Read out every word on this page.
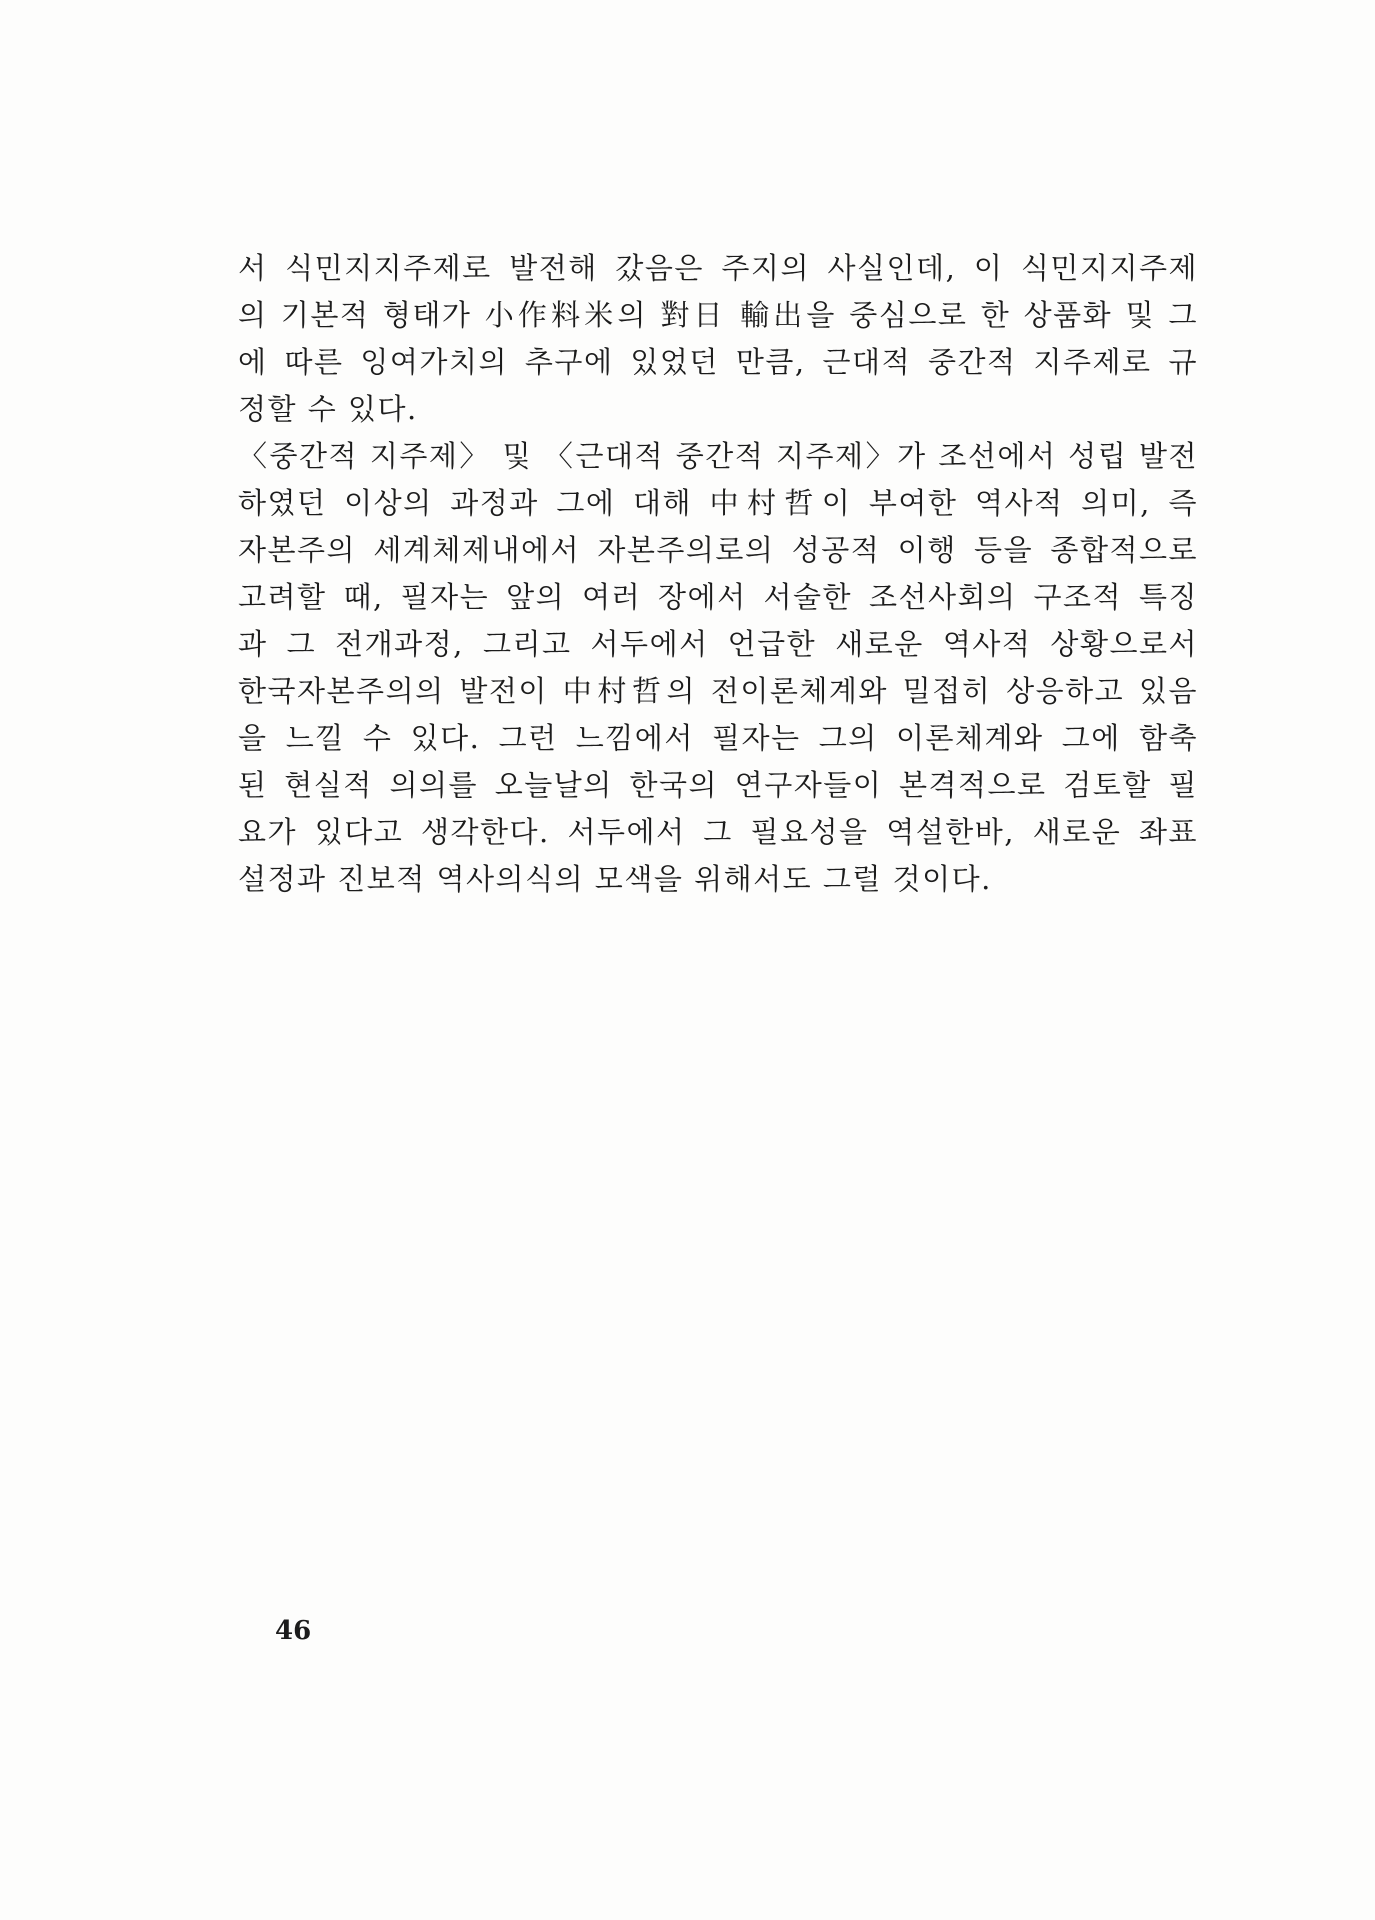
서 식민지지주제로 발전해 갔음은 주지의 사실인데, 이 식민지지주제
의 기본적 형태가 小作料米의 對日 輸出을 중심으로 한 상품화 및 그
에 따른 잉여가치의 추구에 있었던 만큼, 근대적 중간적 지주제로 규
정할 수 있다.
〈중간적 지주제〉 및 〈근대적 중간적 지주제〉가 조선에서 성립 발전
하였던 이상의 과정과 그에 대해 中村哲이 부여한 역사적 의미, 즉
자본주의 세계체제내에서 자본주의로의 성공적 이행 등을 종합적으로
고려할 때, 필자는 앞의 여러 장에서 서술한 조선사회의 구조적 특징
과 그 전개과정, 그리고 서두에서 언급한 새로운 역사적 상황으로서
한국자본주의의 발전이 中村哲의 전이론체계와 밀접히 상응하고 있음
을 느낄 수 있다. 그런 느낌에서 필자는 그의 이론체계와 그에 함축
된 현실적 의의를 오늘날의 한국의 연구자들이 본격적으로 검토할 필
요가 있다고 생각한다. 서두에서 그 필요성을 역설한바, 새로운 좌표
설정과 진보적 역사의식의 모색을 위해서도 그럴 것이다.
46
